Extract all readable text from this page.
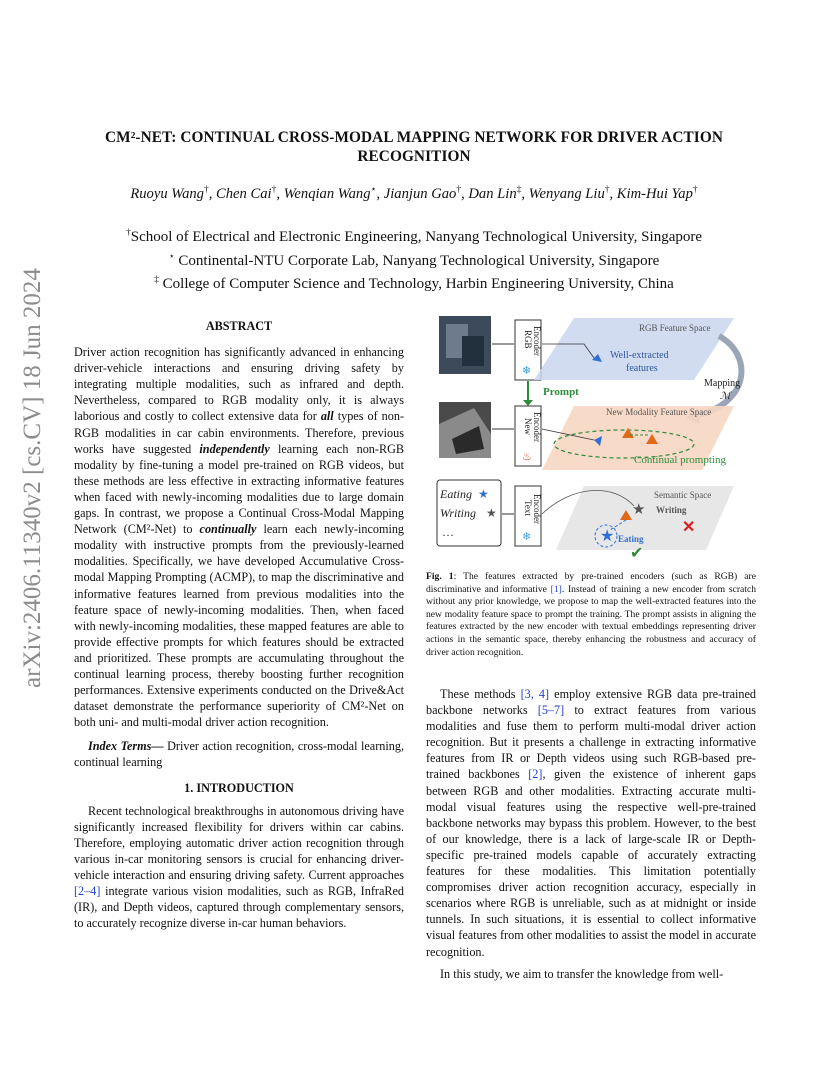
arXiv:2406.11340v2 [cs.CV] 18 Jun 2024
CM²-NET: CONTINUAL CROSS-MODAL MAPPING NETWORK FOR DRIVER ACTION RECOGNITION
Ruoyu Wang†, Chen Cai†, Wenqian Wang⋆, Jianjun Gao†, Dan Lin‡, Wenyang Liu†, Kim-Hui Yap†
†School of Electrical and Electronic Engineering, Nanyang Technological University, Singapore
⋆ Continental-NTU Corporate Lab, Nanyang Technological University, Singapore
‡ College of Computer Science and Technology, Harbin Engineering University, China

ABSTRACT

Driver action recognition has significantly advanced in enhancing driver-vehicle interactions and ensuring driving safety by integrating multiple modalities, such as infrared and depth. Nevertheless, compared to RGB modality only, it is always laborious and costly to collect extensive data for all types of non-RGB modalities in car cabin environments. Therefore, previous works have suggested independently learning each non-RGB modality by fine-tuning a model pre-trained on RGB videos, but these methods are less effective in extracting informative features when faced with newly-incoming modalities due to large domain gaps. In contrast, we propose a Continual Cross-Modal Mapping Network (CM²-Net) to continually learn each newly-incoming modality with instructive prompts from the previously-learned modalities. Specifically, we have developed Accumulative Cross-modal Mapping Prompting (ACMP), to map the discriminative and informative features learned from previous modalities into the feature space of newly-incoming modalities. Then, when faced with newly-incoming modalities, these mapped features are able to provide effective prompts for which features should be extracted and prioritized. These prompts are accumulating throughout the continual learning process, thereby boosting further recognition performances. Extensive experiments conducted on the Drive&Act dataset demonstrate the performance superiority of CM²-Net on both uni- and multi-modal driver action recognition.

Index Terms— Driver action recognition, cross-modal learning, continual learning

1. INTRODUCTION

Recent technological breakthroughs in autonomous driving have significantly increased flexibility for drivers within car cabins. Therefore, employing automatic driver action recognition through various in-car monitoring sensors is crucial for enhancing driver-vehicle interaction and ensuring driving safety. Current approaches [2–4] integrate various vision modalities, such as RGB, InfraRed (IR), and Depth videos, captured through complementary sensors, to accurately recognize diverse in-car human behaviors.

Eating ★
Writing ★
…
RGB Encoder
❄
New Encoder
♨
Text Encoder
❄
Prompt
RGB Feature Space
Well-extracted
features
Mapping
ℳ
New Modality Feature Space
Continual prompting
Semantic Space
★ Writing
★ Eating
✕
✔
Fig. 1: The features extracted by pre-trained encoders (such as RGB) are discriminative and informative [1]. Instead of training a new encoder from scratch without any prior knowledge, we propose to map the well-extracted features into the new modality feature space to prompt the training. The prompt assists in aligning the features extracted by the new encoder with textual embeddings representing driver actions in the semantic space, thereby enhancing the robustness and accuracy of driver action recognition.

These methods [3, 4] employ extensive RGB data pre-trained backbone networks [5–7] to extract features from various modalities and fuse them to perform multi-modal driver action recognition. But it presents a challenge in extracting informative features from IR or Depth videos using such RGB-based pre-trained backbones [2], given the existence of inherent gaps between RGB and other modalities. Extracting accurate multi-modal visual features using the respective well-pre-trained backbone networks may bypass this problem. However, to the best of our knowledge, there is a lack of large-scale IR or Depth-specific pre-trained models capable of accurately extracting features for these modalities. This limitation potentially compromises driver action recognition accuracy, especially in scenarios where RGB is unreliable, such as at midnight or inside tunnels. In such situations, it is essential to collect informative visual features from other modalities to assist the model in accurate recognition.

In this study, we aim to transfer the knowledge from well-
